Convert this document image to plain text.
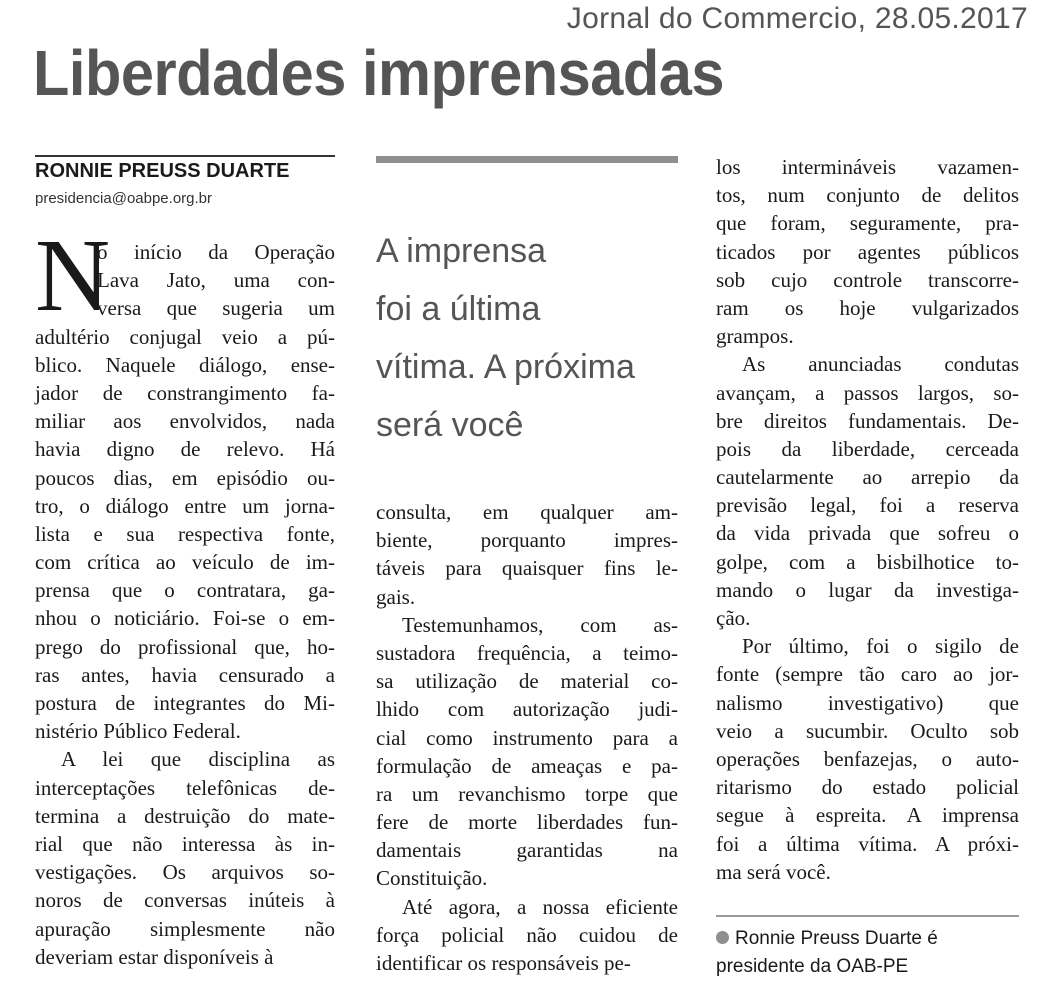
Jornal do Commercio, 28.05.2017
Liberdades imprensadas
RONNIE PREUSS DUARTE
presidencia@oabpe.org.br

A imprensa
foi a última
vítima. A próxima
será você

N
o início da Operação
Lava Jato, uma con-
versa que sugeria um
adultério conjugal veio a pú-
blico. Naquele diálogo, ense-
jador de constrangimento fa-
miliar aos envolvidos, nada
havia digno de relevo. Há
poucos dias, em episódio ou-
tro, o diálogo entre um jorna-
lista e sua respectiva fonte,
com crítica ao veículo de im-
prensa que o contratara, ga-
nhou o noticiário. Foi-se o em-
prego do profissional que, ho-
ras antes, havia censurado a
postura de integrantes do Mi-
nistério Público Federal.
A lei que disciplina as
interceptações telefônicas de-
termina a destruição do mate-
rial que não interessa às in-
vestigações. Os arquivos so-
noros de conversas inúteis à
apuração simplesmente não
deveriam estar disponíveis à
consulta, em qualquer am-
biente, porquanto impres-
táveis para quaisquer fins le-
gais.
Testemunhamos, com as-
sustadora frequência, a teimo-
sa utilização de material co-
lhido com autorização judi-
cial como instrumento para a
formulação de ameaças e pa-
ra um revanchismo torpe que
fere de morte liberdades fun-
damentais garantidas na
Constituição.
Até agora, a nossa eficiente
força policial não cuidou de
identificar os responsáveis pe-
los intermináveis vazamen-
tos, num conjunto de delitos
que foram, seguramente, pra-
ticados por agentes públicos
sob cujo controle transcorre-
ram os hoje vulgarizados
grampos.
As anunciadas condutas
avançam, a passos largos, so-
bre direitos fundamentais. De-
pois da liberdade, cerceada
cautelarmente ao arrepio da
previsão legal, foi a reserva
da vida privada que sofreu o
golpe, com a bisbilhotice to-
mando o lugar da investiga-
ção.
Por último, foi o sigilo de
fonte (sempre tão caro ao jor-
nalismo investigativo) que
veio a sucumbir. Oculto sob
operações benfazejas, o auto-
ritarismo do estado policial
segue à espreita. A imprensa
foi a última vítima. A próxi-
ma será você.
Ronnie Preuss Duarte é
presidente da OAB-PE
